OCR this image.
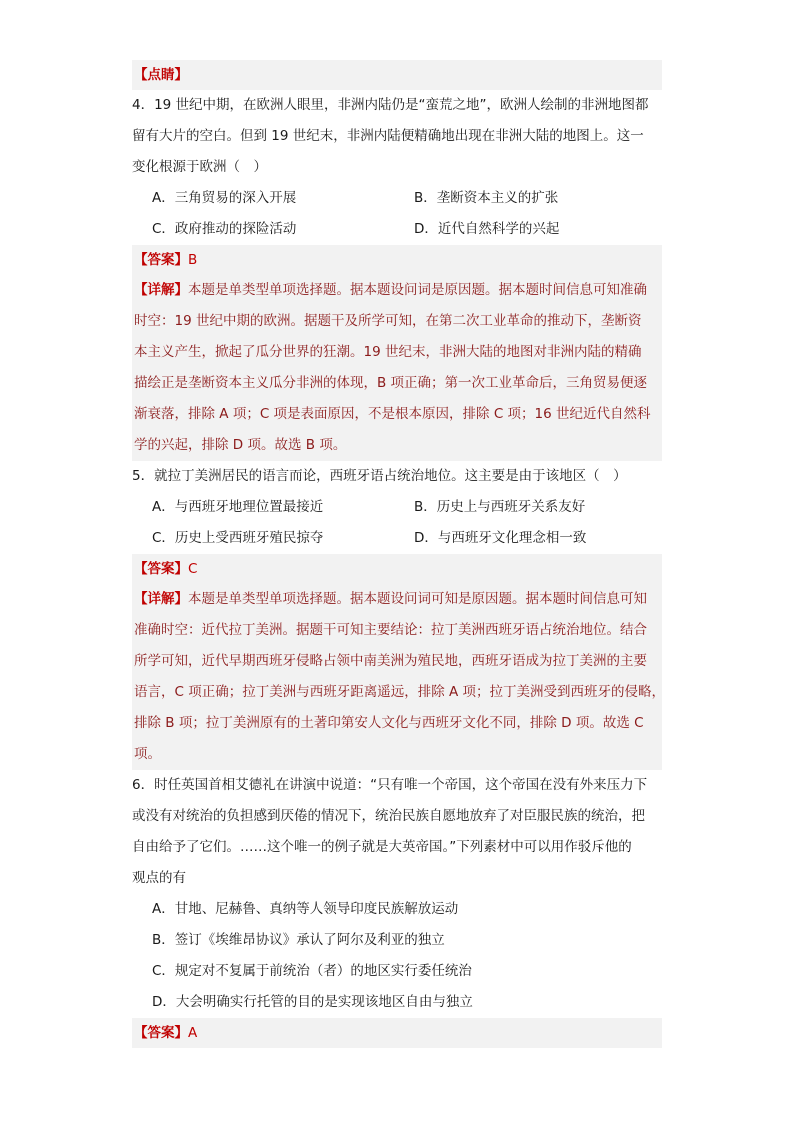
【点睛】
4．19 世纪中期，在欧洲人眼里，非洲内陆仍是“蛮荒之地”，欧洲人绘制的非洲地图都
留有大片的空白。但到 19 世纪末，非洲内陆便精确地出现在非洲大陆的地图上。这一
变化根源于欧洲（　）
A．三角贸易的深入开展	B．垄断资本主义的扩张
C．政府推动的探险活动	D．近代自然科学的兴起
【答案】B
【详解】本题是单类型单项选择题。据本题设问词是原因题。据本题时间信息可知准确
时空：19 世纪中期的欧洲。据题干及所学可知，在第二次工业革命的推动下，垄断资
本主义产生，掀起了瓜分世界的狂潮。19 世纪末，非洲大陆的地图对非洲内陆的精确
描绘正是垄断资本主义瓜分非洲的体现，B 项正确；第一次工业革命后，三角贸易便逐
渐衰落，排除 A 项；C 项是表面原因，不是根本原因，排除 C 项；16 世纪近代自然科
学的兴起，排除 D 项。故选 B 项。
5．就拉丁美洲居民的语言而论，西班牙语占统治地位。这主要是由于该地区（　）
A．与西班牙地理位置最接近	B．历史上与西班牙关系友好
C．历史上受西班牙殖民掠夺	D．与西班牙文化理念相一致
【答案】C
【详解】本题是单类型单项选择题。据本题设问词可知是原因题。据本题时间信息可知
准确时空：近代拉丁美洲。据题干可知主要结论：拉丁美洲西班牙语占统治地位。结合
所学可知，近代早期西班牙侵略占领中南美洲为殖民地，西班牙语成为拉丁美洲的主要
语言，C 项正确；拉丁美洲与西班牙距离遥远，排除 A 项；拉丁美洲受到西班牙的侵略，
排除 B 项；拉丁美洲原有的土著印第安人文化与西班牙文化不同，排除 D 项。故选 C
项。
6．时任英国首相艾德礼在讲演中说道：“只有唯一个帝国，这个帝国在没有外来压力下
或没有对统治的负担感到厌倦的情况下，统治民族自愿地放弃了对臣服民族的统治，把
自由给予了它们。……这个唯一的例子就是大英帝国。”下列素材中可以用作驳斥他的
观点的有
A．甘地、尼赫鲁、真纳等人领导印度民族解放运动
B．签订《埃维昂协议》承认了阿尔及利亚的独立
C．规定对不复属于前统治（者）的地区实行委任统治
D．大会明确实行托管的目的是实现该地区自由与独立
【答案】A
